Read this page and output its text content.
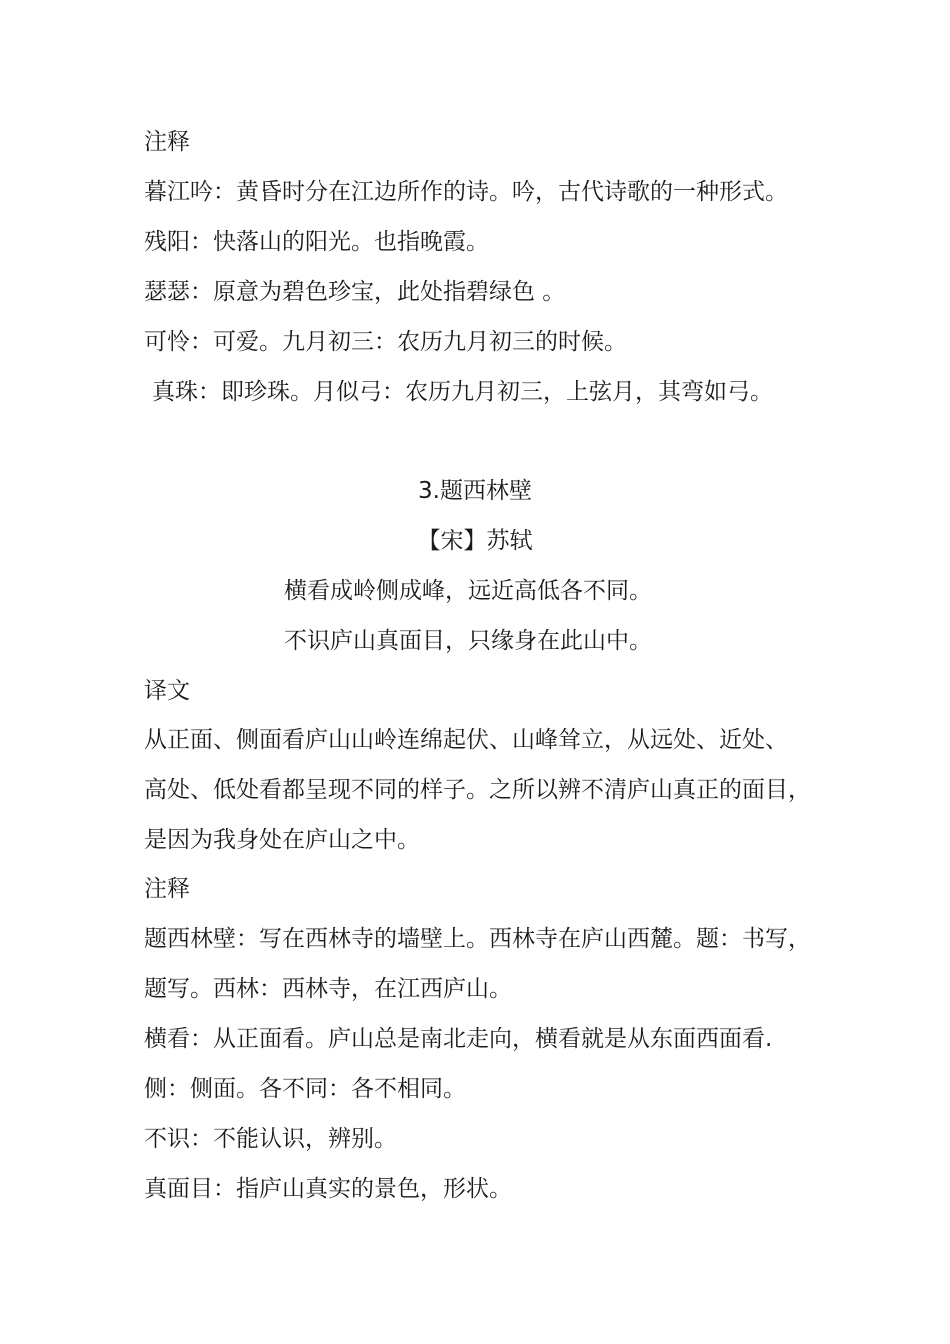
注释
暮江吟：黄昏时分在江边所作的诗。吟，古代诗歌的一种形式。
残阳：快落山的阳光。也指晚霞。
瑟瑟：原意为碧色珍宝，此处指碧绿色 。
可怜：可爱。九月初三：农历九月初三的时候。
真珠：即珍珠。月似弓：农历九月初三，上弦月，其弯如弓。
3.题西林壁
【宋】苏轼
横看成岭侧成峰，远近高低各不同。
不识庐山真面目，只缘身在此山中。
译文
从正面、侧面看庐山山岭连绵起伏、山峰耸立，从远处、近处、
高处、低处看都呈现不同的样子。之所以辨不清庐山真正的面目，
是因为我身处在庐山之中。
注释
题西林壁：写在西林寺的墙壁上。西林寺在庐山西麓。题：书写，
题写。西林：西林寺，在江西庐山。
横看：从正面看。庐山总是南北走向，横看就是从东面西面看.
侧：侧面。各不同：各不相同。
不识：不能认识，辨别。
真面目：指庐山真实的景色，形状。
